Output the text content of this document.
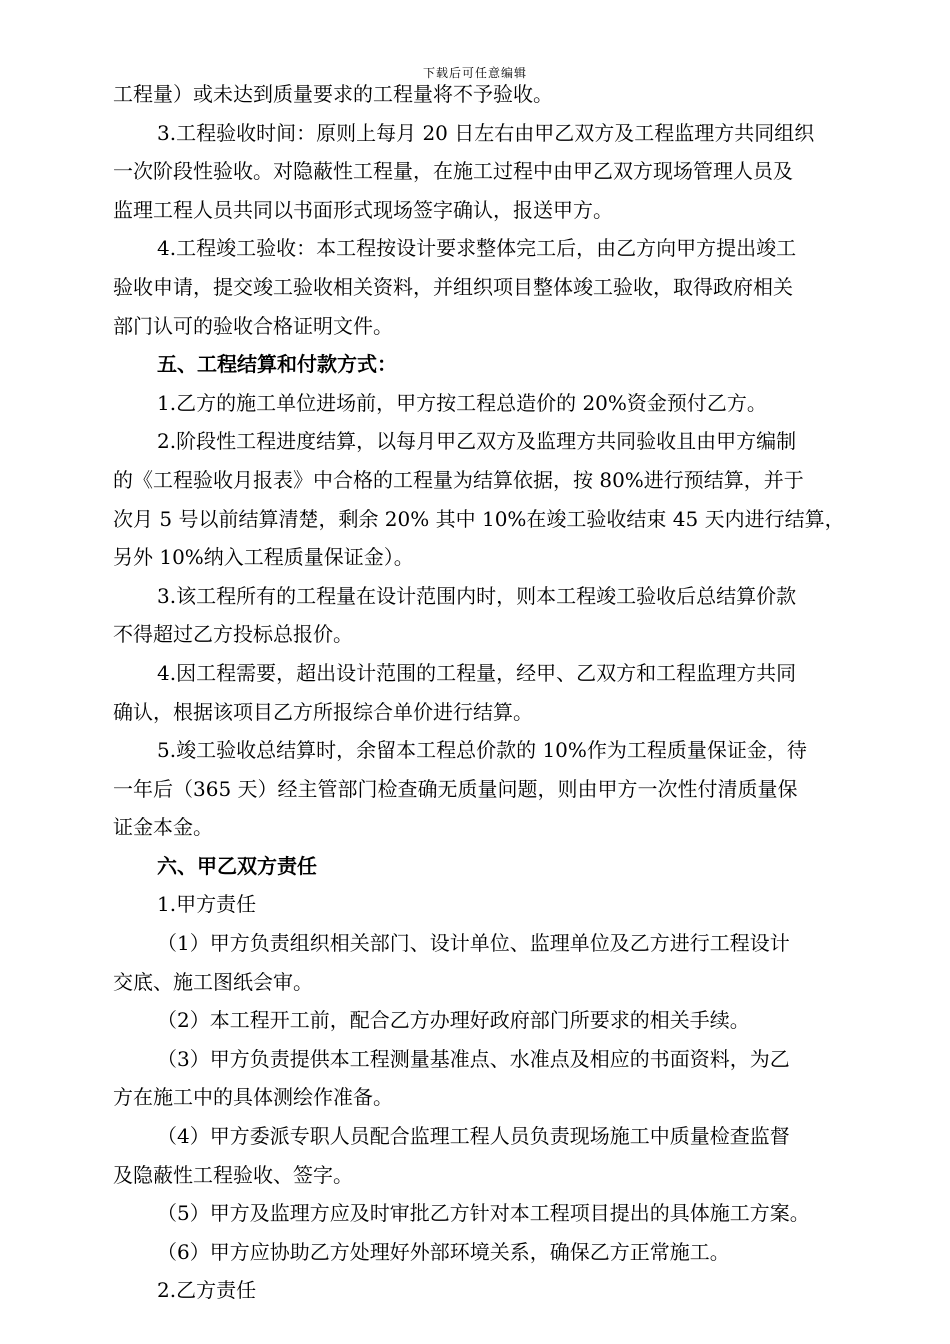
下载后可任意编辑
工程量）或未达到质量要求的工程量将不予验收。
3.工程验收时间：原则上每月 20 日左右由甲乙双方及工程监理方共同组织
一次阶段性验收。对隐蔽性工程量，在施工过程中由甲乙双方现场管理人员及
监理工程人员共同以书面形式现场签字确认，报送甲方。
4.工程竣工验收：本工程按设计要求整体完工后，由乙方向甲方提出竣工
验收申请，提交竣工验收相关资料，并组织项目整体竣工验收，取得政府相关
部门认可的验收合格证明文件。
五、工程结算和付款方式：
1.乙方的施工单位进场前，甲方按工程总造价的 20%资金预付乙方。
2.阶段性工程进度结算，以每月甲乙双方及监理方共同验收且由甲方编制
的《工程验收月报表》中合格的工程量为结算依据，按 80%进行预结算，并于
次月 5 号以前结算清楚，剩余 20% 其中 10%在竣工验收结束 45 天内进行结算，
另外 10%纳入工程质量保证金）。
3.该工程所有的工程量在设计范围内时，则本工程竣工验收后总结算价款
不得超过乙方投标总报价。
4.因工程需要，超出设计范围的工程量，经甲、乙双方和工程监理方共同
确认，根据该项目乙方所报综合单价进行结算。
5.竣工验收总结算时，余留本工程总价款的 10%作为工程质量保证金，待
一年后（365 天）经主管部门检查确无质量问题，则由甲方一次性付清质量保
证金本金。
六、甲乙双方责任
1.甲方责任
（1）甲方负责组织相关部门、设计单位、监理单位及乙方进行工程设计
交底、施工图纸会审。
（2）本工程开工前，配合乙方办理好政府部门所要求的相关手续。
（3）甲方负责提供本工程测量基准点、水准点及相应的书面资料，为乙
方在施工中的具体测绘作准备。
（4）甲方委派专职人员配合监理工程人员负责现场施工中质量检查监督
及隐蔽性工程验收、签字。
（5）甲方及监理方应及时审批乙方针对本工程项目提出的具体施工方案。
（6）甲方应协助乙方处理好外部环境关系，确保乙方正常施工。
2.乙方责任
